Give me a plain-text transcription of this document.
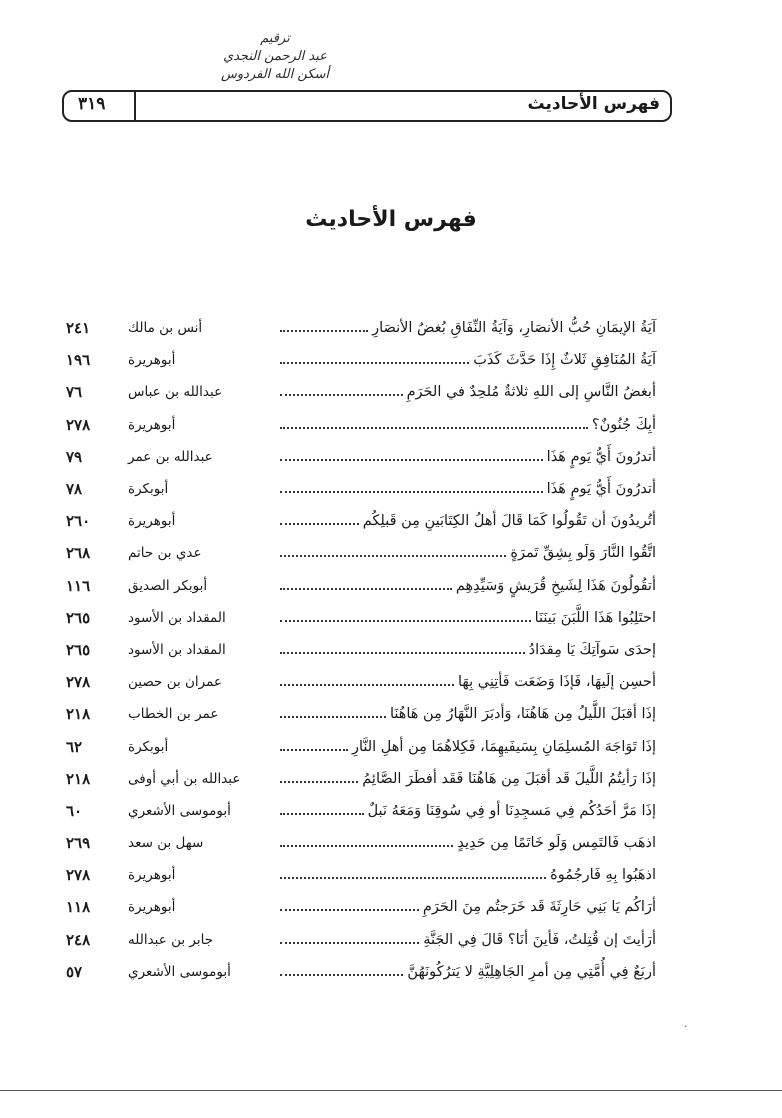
ترقيم
عبد الرحمن النجدي
أسكن الله الفردوس
فهرس الأحاديث
٣١٩
فهرس الأحاديث
٢٤١	أنس بن مالك	آيَةُ الإيمَانِ حُبُّ الأنصَارِ، وَآيَةُ النِّفَاقِ بُغضُ الأنصَارِ
١٩٦	أبوهريرة	آيَةُ المُنَافِقِ ثَلاثٌ إِذَا حَدَّثَ كَذَبَ
٧٦	عبدالله بن عباس	أبغضُ النَّاسِ إلى اللهِ ثلاثةٌ مُلحِدٌ في الحَرَمِ
٢٧٨	أبوهريرة	أبِكَ جُنُونٌ؟
٧٩	عبدالله بن عمر	أتدرُونَ أَيُّ يَومٍ هَذَا
٧٨	أبوبكرة	أتدرُونَ أَيُّ يَومٍ هَذَا
٢٦٠	أبوهريرة	أتُريدُونَ أن تَقُولُوا كَمَا قَالَ أهلُ الكِتَابَينِ مِن قَبلِكُم
٢٦٨	عدي بن حاتم	اتَّقُوا النَّارَ وَلَو بِشِقِّ تَمرَةٍ
١١٦	أبوبكر الصديق	أتقُولُونَ هَذَا لِشَيخِ قُرَيشٍ وَسَيِّدِهِم
٢٦٥	المقداد بن الأسود	احتَلِبُوا هَذَا اللَّبَنَ بَينَنَا
٢٦٥	المقداد بن الأسود	إحدَى سَوآتِكَ يَا مِقدَادُ
٢٧٨	عمران بن حصين	أحسِن إلَيهَا، فَإذَا وَضَعَت فَأتِنِي بِهَا
٢١٨	عمر بن الخطاب	إذَا أقبَلَ اللَّيلُ مِن هَاهُنَا، وَأدبَرَ النَّهَارُ مِن هَاهُنَا
٦٢	أبوبكرة	إذَا تَوَاجَهَ المُسلِمَانِ بِسَيفَيهِمَا، فَكِلاهُمَا مِن أهلِ النَّارِ
٢١٨	عبدالله بن أبي أوفى	إذَا رَأيتُمُ اللَّيلَ قَد أقبَلَ مِن هَاهُنَا فَقَد أفطَرَ الصَّائِمُ
٦٠	أبوموسى الأشعري	إذَا مَرَّ أحَدُكُم فِي مَسجِدِنَا أو فِي سُوقِنَا وَمَعَهُ نَبلٌ
٢٦٩	سهل بن سعد	اذهَب فَالتَمِس وَلَو خَاتَمًا مِن حَدِيدٍ
٢٧٨	أبوهريرة	اذهَبُوا بِهِ فَارجُمُوهُ
١١٨	أبوهريرة	أرَاكُم يَا بَنِي حَارِثَةَ قَد خَرَجتُم مِنَ الحَرَمِ
٢٤٨	جابر بن عبدالله	أرَأيتَ إن قُتِلتُ، فَأينَ أنَا؟ قَالَ فِي الجَنَّةِ
٥٧	أبوموسى الأشعري	أربَعٌ فِي أُمَّتِي مِن أمرِ الجَاهِلِيَّةِ لا يَترُكُونَهُنَّ
·
